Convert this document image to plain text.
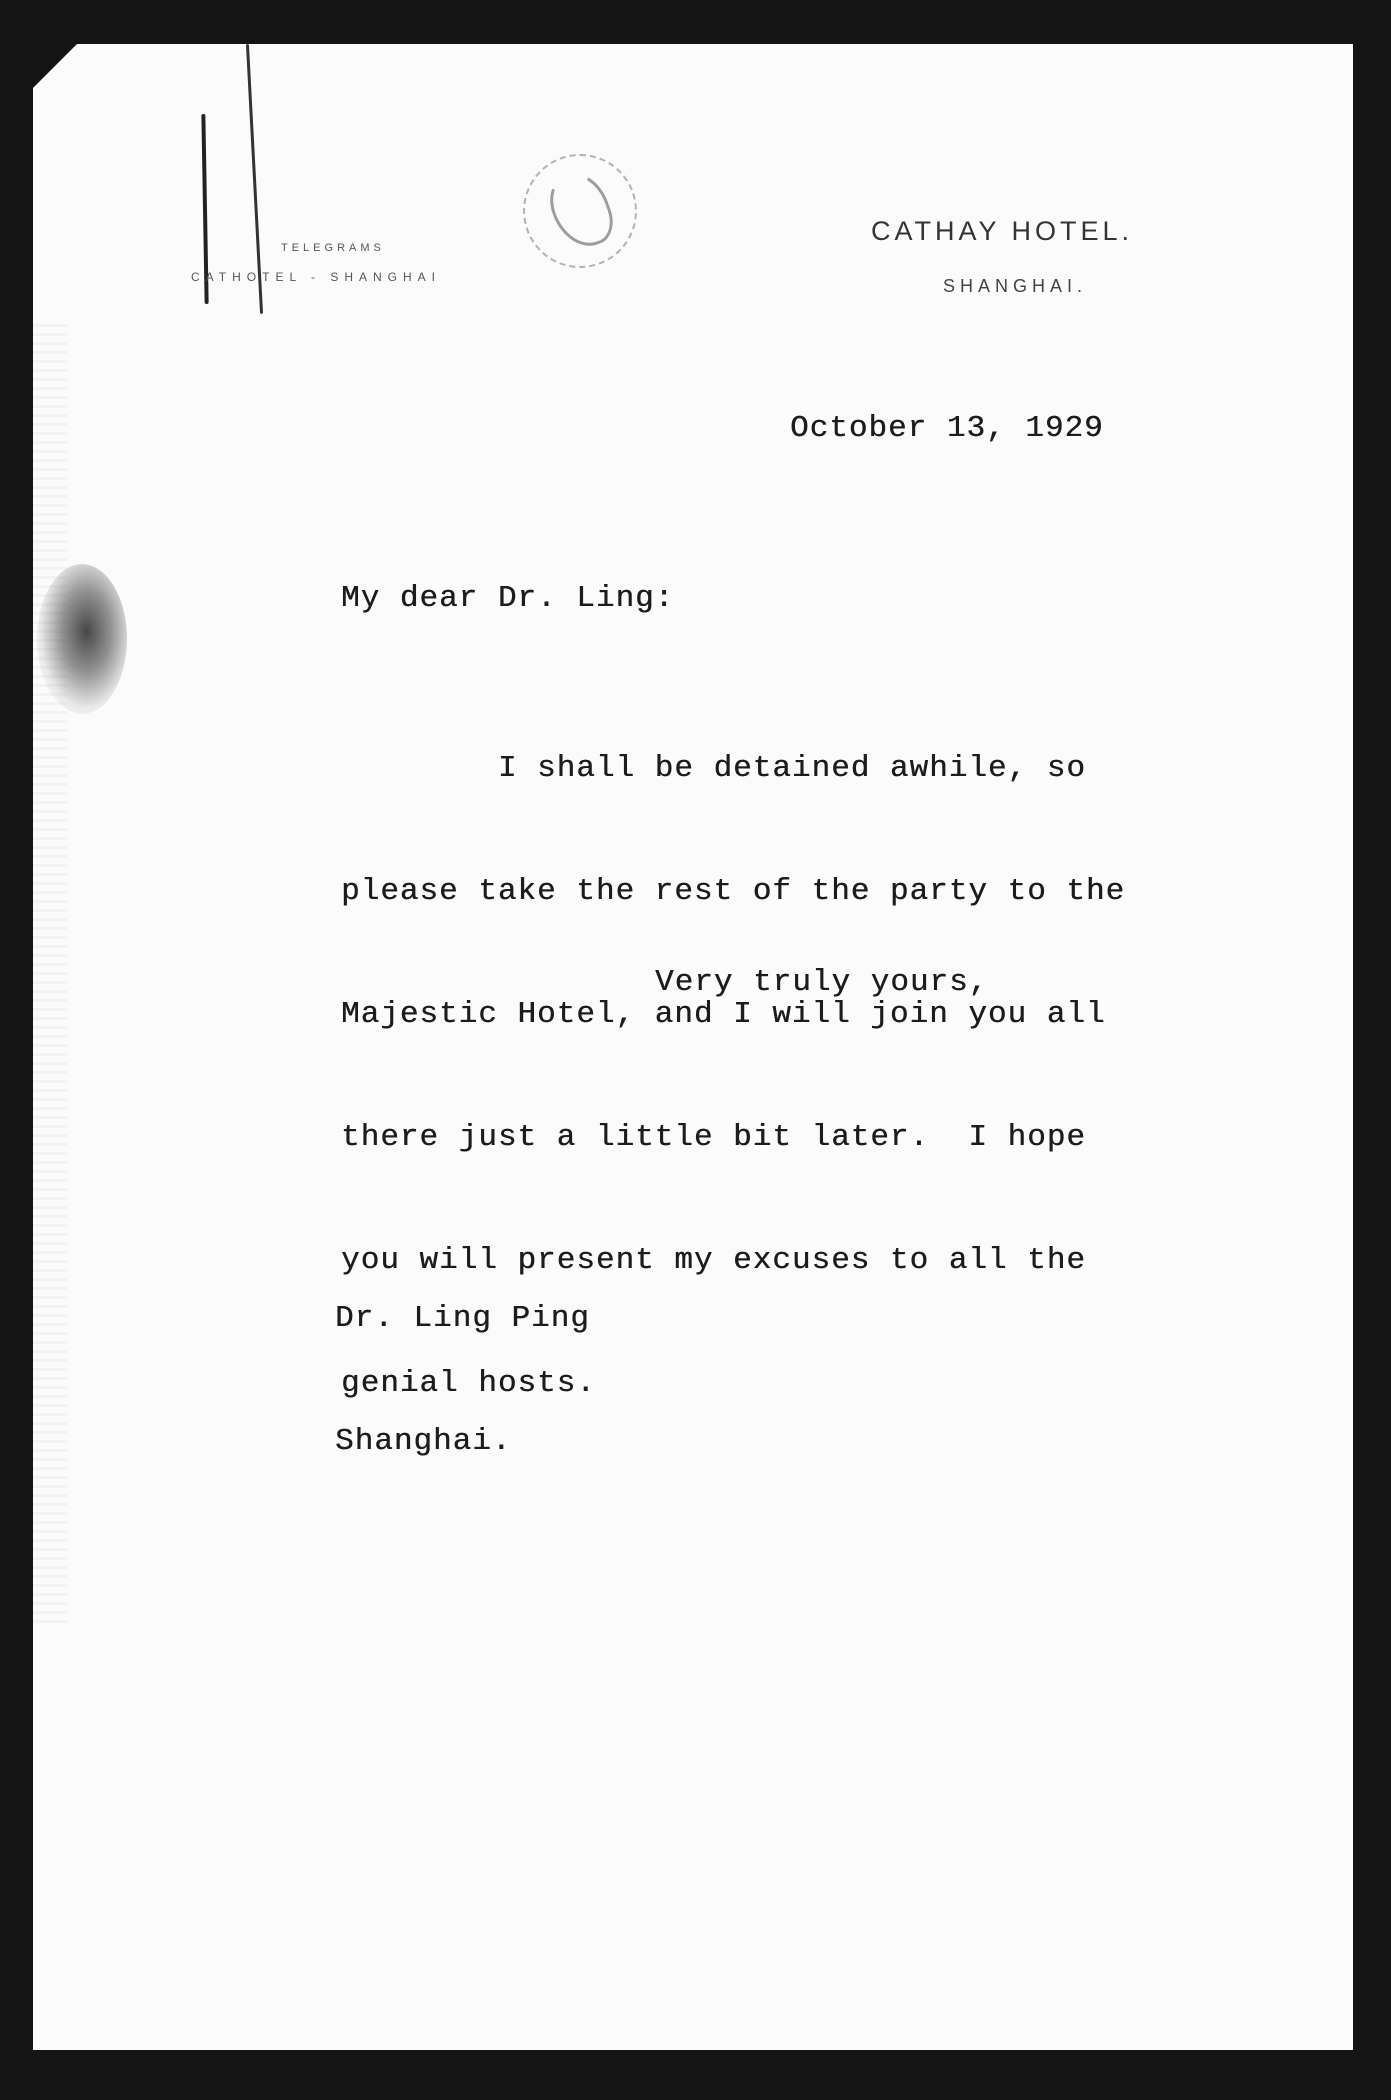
TELEGRAMS
CATHOTEL - SHANGHAI
CATHAY HOTEL.
SHANGHAI.
October 13, 1929
My dear Dr. Ling:

I shall be detained awhile, so

please take the rest of the party to the

Majestic Hotel, and I will join you all

there just a little bit later.  I hope

you will present my excuses to all the

genial hosts.

Very truly yours,

Dr. Ling Ping

Shanghai.
